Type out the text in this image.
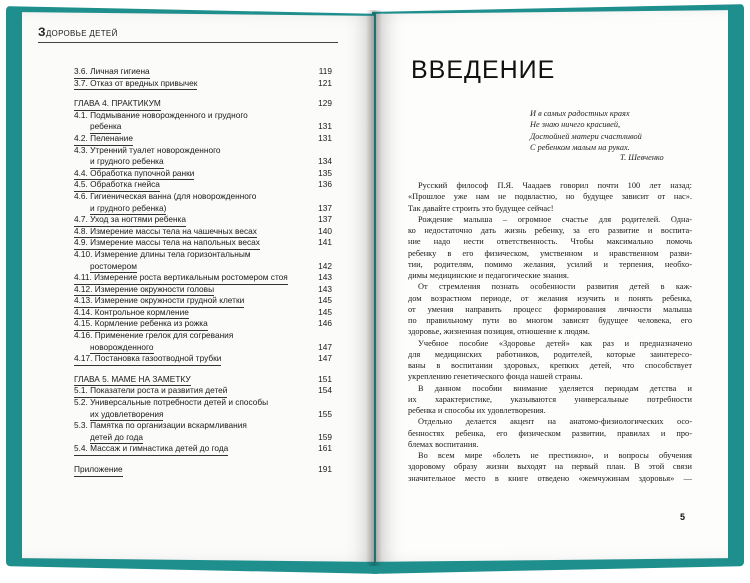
ЗДОРОВЬЕ ДЕТЕЙ
3.6. Личная гигиена	119
3.7. Отказ от вредных привычек	121
ГЛАВА 4. ПРАКТИКУМ	129
4.1. Подмывание новорожденного и грудного
ребенка	131
4.2. Пеленание	131
4.3. Утренний туалет новорожденного
и грудного ребенка	134
4.4. Обработка пупочной ранки	135
4.5. Обработка гнейса	136
4.6. Гигиеническая ванна (для новорожденного
и грудного ребенка)	137
4.7. Уход за ногтями ребенка	137
4.8. Измерение массы тела на чашечных весах	140
4.9. Измерение массы тела на напольных весах	141
4.10. Измерение длины тела горизонтальным
ростомером	142
4.11. Измерение роста вертикальным ростомером стоя	143
4.12. Измерение окружности головы	143
4.13. Измерение окружности грудной клетки	145
4.14. Контрольное кормление	145
4.15. Кормление ребенка из рожка	146
4.16. Применение грелок для согревания
новорожденного	147
4.17. Постановка газоотводной трубки	147
ГЛАВА 5. МАМЕ НА ЗАМЕТКУ	151
5.1. Показатели роста и развития детей	154
5.2. Универсальные потребности детей и способы
их удовлетворения	155
5.3. Памятка по организации вскармливания
детей до года	159
5.4. Массаж и гимнастика детей до года	161
Приложение	191
ВВЕДЕНИЕ
И в самых радостных краях
Не знаю ничего красивей,
Достойней матери счастливой
С ребенком малым на руках.
Т. Шевченко
Русский философ П.Я. Чаадаев говорил почти 100 лет назад:
«Прошлое уже нам не подвластно, но будущее зависит от нас».
Так давайте строить это будущее сейчас!
Рождение малыша – огромное счастье для родителей. Одна-
ко недостаточно дать жизнь ребенку, за его развитие и воспита-
ние надо нести ответственность. Чтобы максимально помочь
ребенку в его физическом, умственном и нравственном разви-
тии, родителям, помимо желания, усилий и терпения, необхо-
димы медицинские и педагогические знания.
От стремления познать особенности развития детей в каж-
дом возрастном периоде, от желания изучить и понять ребенка,
от умения направить процесс формирования личности малыша
по правильному пути во многом зависят будущее человека, его
здоровье, жизненная позиция, отношение к людям.
Учебное пособие «Здоровье детей» как раз и предназначено
для медицинских работников, родителей, которые заинтересо-
ваны в воспитании здоровых, крепких детей, что способствует
укреплению генетического фонда нашей страны.
В данном пособии внимание уделяется периодам детства и
их характеристике, указываются универсальные потребности
ребенка и способы их удовлетворения.
Отдельно делается акцент на анатомо-физиологических осо-
бенностях ребенка, его физическом развитии, правилах и про-
блемах воспитания.
Во всем мире «болеть не престижно», и вопросы обучения
здоровому образу жизни выходят на первый план. В этой связи
значительное место в книге отведено «жемчужинам здоровья» —
5
